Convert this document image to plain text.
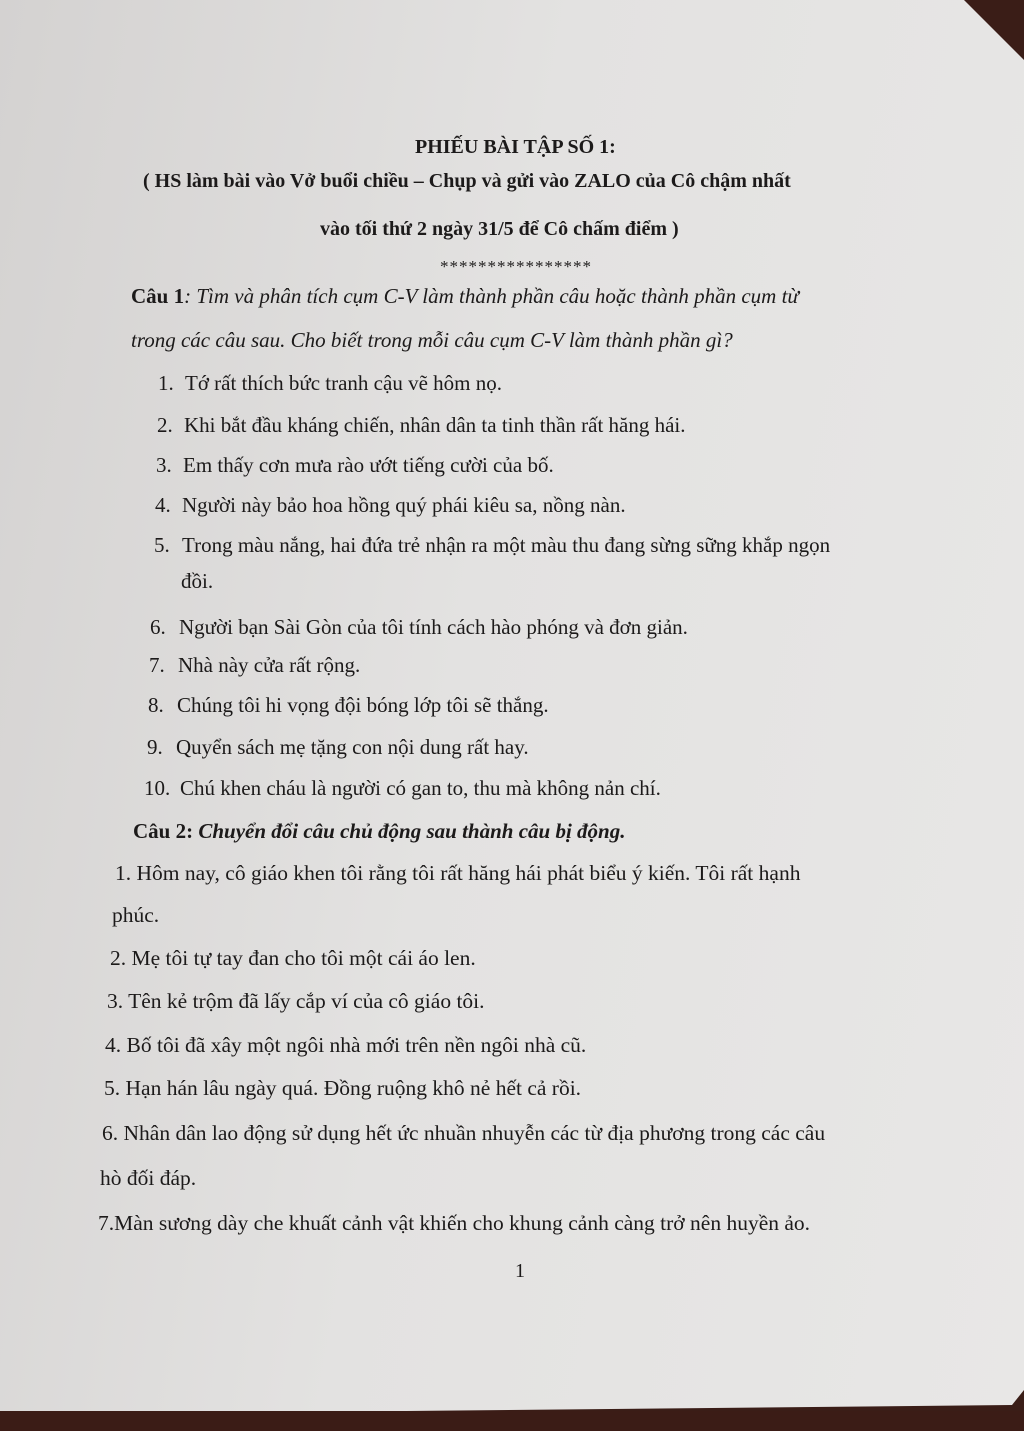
PHIẾU BÀI TẬP SỐ 1:
( HS làm bài vào Vở buổi chiều – Chụp và gửi vào ZALO của Cô chậm nhất
vào tối thứ 2 ngày 31/5 để Cô chấm điểm )
****************
Câu 1: Tìm và phân tích cụm C-V làm thành phần câu hoặc thành phần cụm từ
trong các câu sau. Cho biết trong mỗi câu cụm C-V làm thành phần gì?
1. Tớ rất thích bức tranh cậu vẽ hôm nọ.
2. Khi bắt đầu kháng chiến, nhân dân ta tinh thần rất hăng hái.
3. Em thấy cơn mưa rào ướt tiếng cười của bố.
4. Người này bảo hoa hồng quý phái kiêu sa, nồng nàn.
5. Trong màu nắng, hai đứa trẻ nhận ra một màu thu đang sừng sững khắp ngọn
đồi.
6. Người bạn Sài Gòn của tôi tính cách hào phóng và đơn giản.
7. Nhà này cửa rất rộng.
8. Chúng tôi hi vọng đội bóng lớp tôi sẽ thắng.
9. Quyển sách mẹ tặng con nội dung rất hay.
10. Chú khen cháu là người có gan to, thu mà không nản chí.
Câu 2: Chuyển đổi câu chủ động sau thành câu bị động.
1. Hôm nay, cô giáo khen tôi rằng tôi rất hăng hái phát biểu ý kiến. Tôi rất hạnh
phúc.
2. Mẹ tôi tự tay đan cho tôi một cái áo len.
3. Tên kẻ trộm đã lấy cắp ví của cô giáo tôi.
4. Bố tôi đã xây một ngôi nhà mới trên nền ngôi nhà cũ.
5. Hạn hán lâu ngày quá. Đồng ruộng khô nẻ hết cả rồi.
6. Nhân dân lao động sử dụng hết ức nhuần nhuyễn các từ địa phương trong các câu
hò đối đáp.
7.Màn sương dày che khuất cảnh vật khiến cho khung cảnh càng trở nên huyền ảo.
1
